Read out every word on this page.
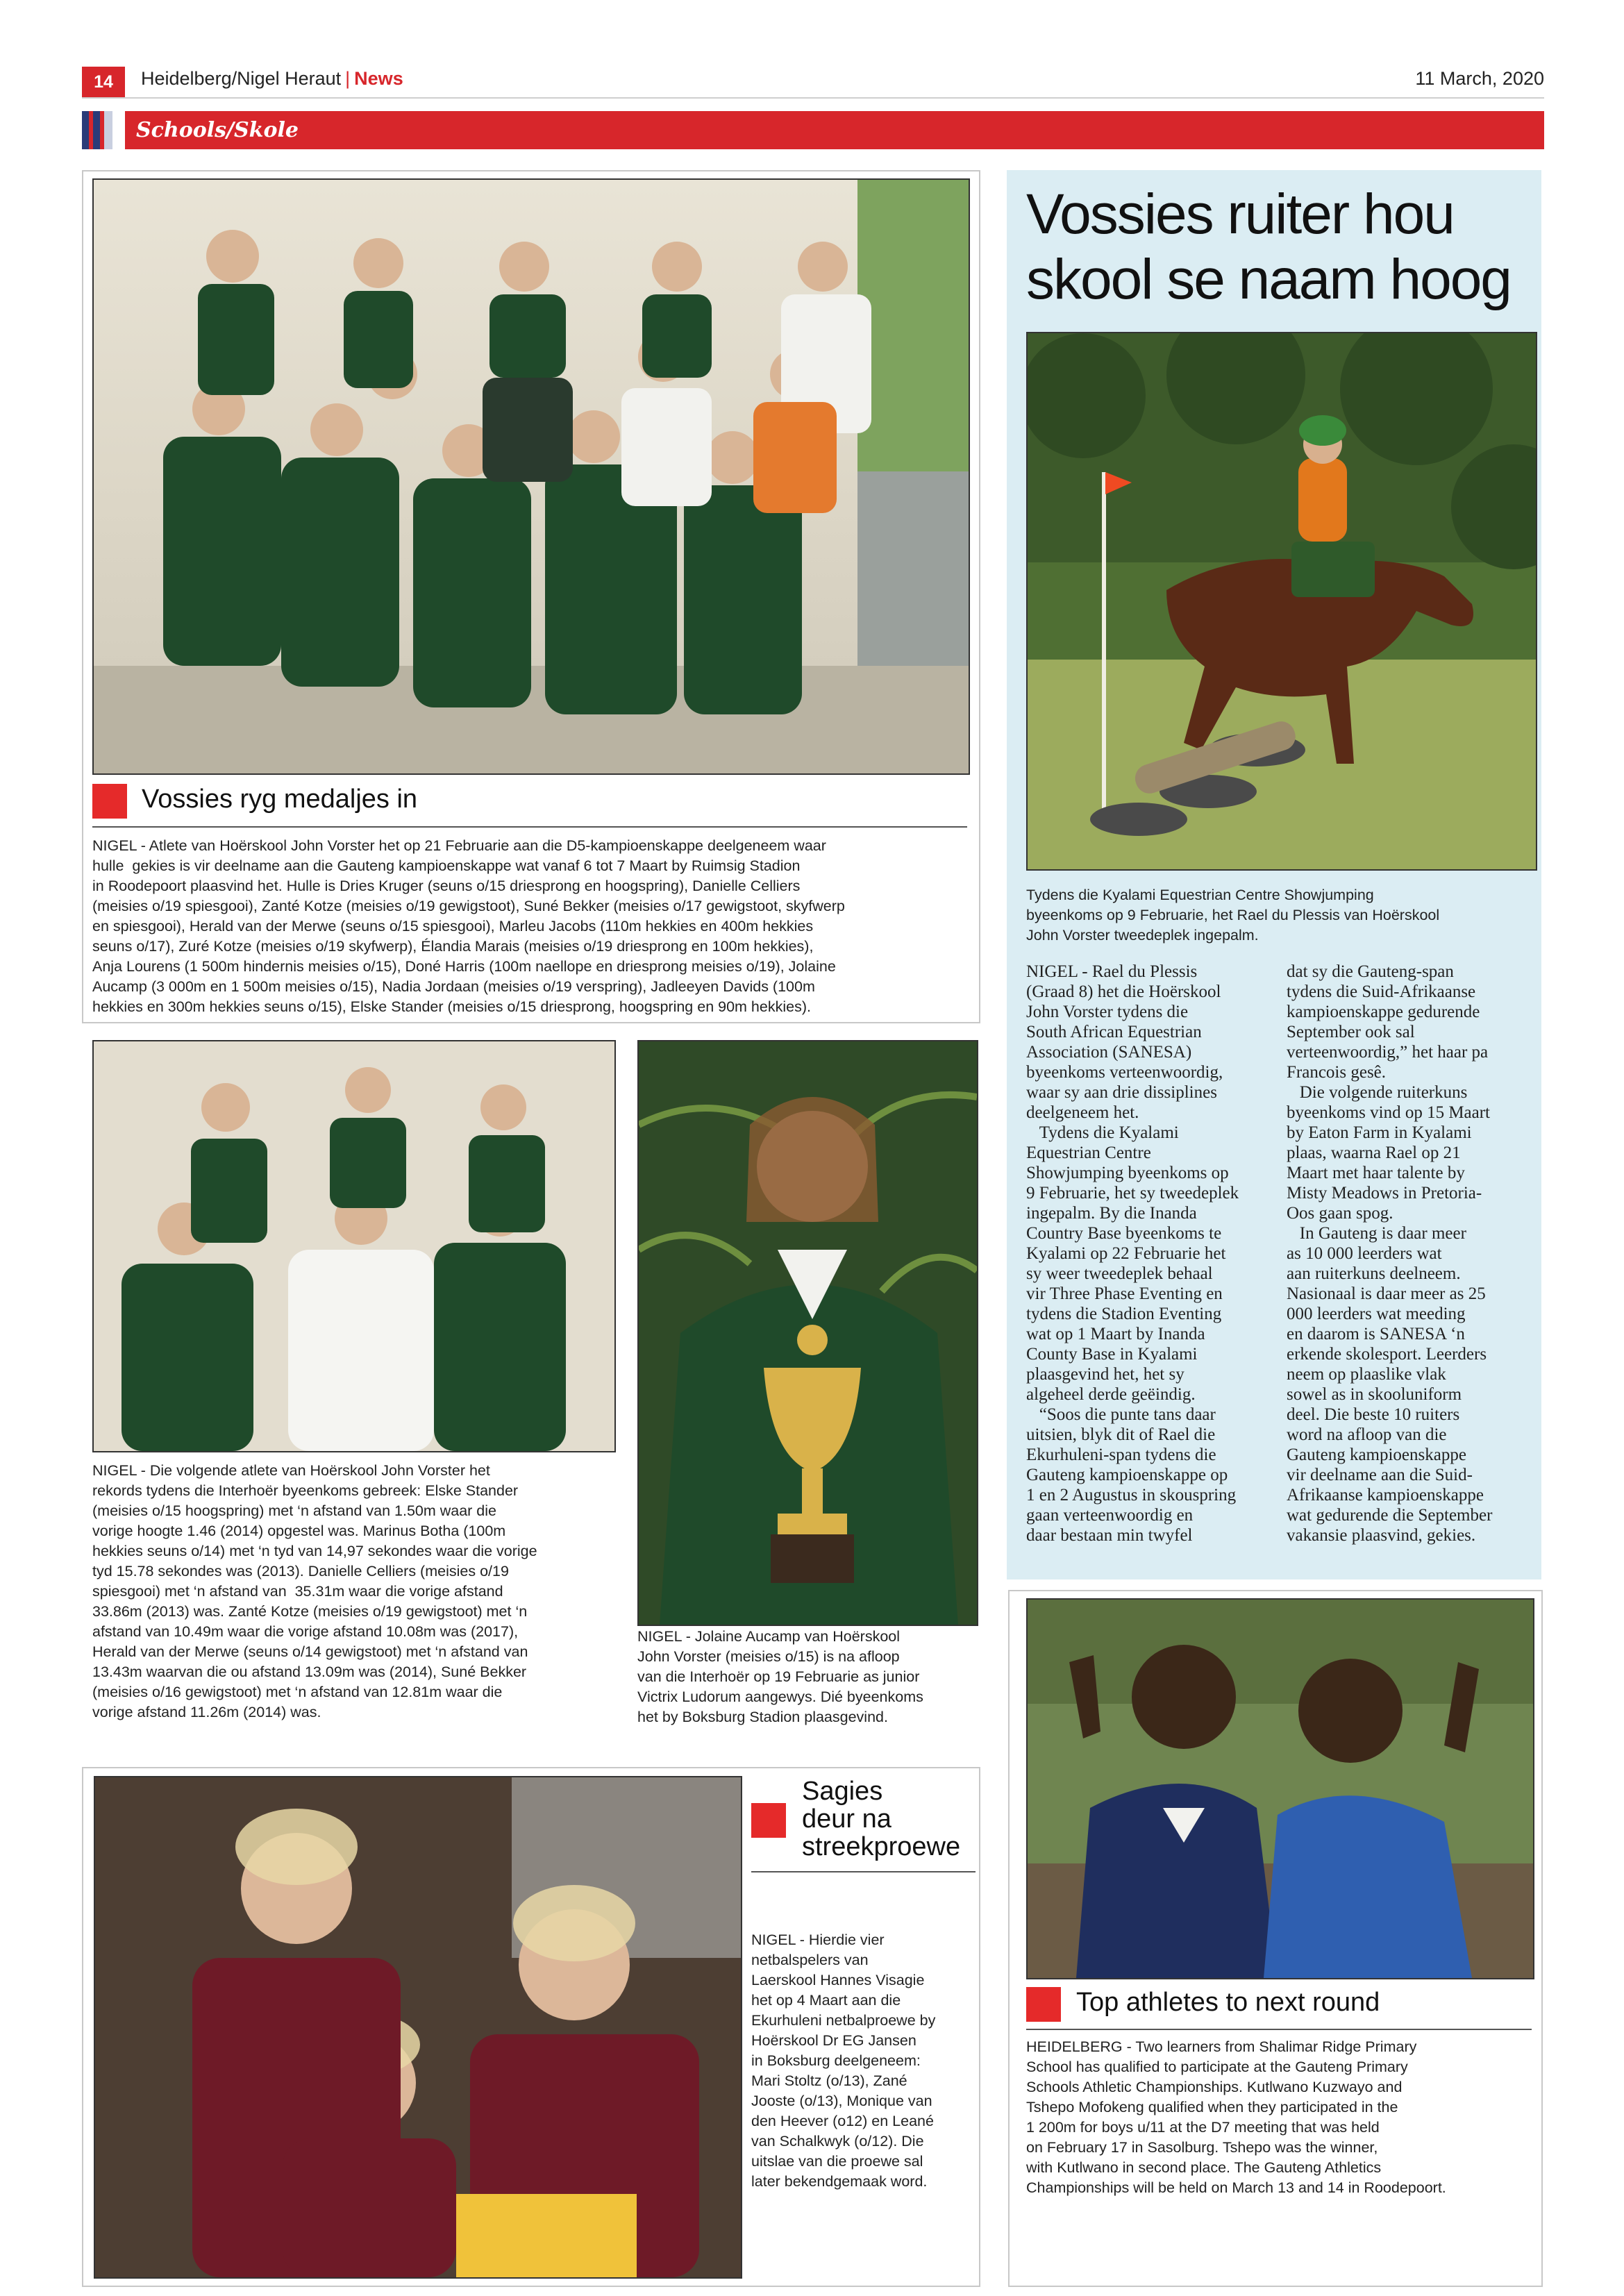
14	Heidelberg/Nigel Heraut | News	11 March, 2020
Schools/Skole
Vossies ryg medaljes in
NIGEL - Atlete van Hoërskool John Vorster het op 21 Februarie aan die D5-kampioenskappe deelgeneem waar
hulle  gekies is vir deelname aan die Gauteng kampioenskappe wat vanaf 6 tot 7 Maart by Ruimsig Stadion
in Roodepoort plaasvind het. Hulle is Dries Kruger (seuns o/15 driesprong en hoogspring), Danielle Celliers
(meisies o/19 spiesgooi), Zanté Kotze (meisies o/19 gewigstoot), Suné Bekker (meisies o/17 gewigstoot, skyfwerp
en spiesgooi), Herald van der Merwe (seuns o/15 spiesgooi), Marleu Jacobs (110m hekkies en 400m hekkies
seuns o/17), Zuré Kotze (meisies o/19 skyfwerp), Élandia Marais (meisies o/19 driesprong en 100m hekkies),
Anja Lourens (1 500m hindernis meisies o/15), Doné Harris (100m naellope en driesprong meisies o/19), Jolaine
Aucamp (3 000m en 1 500m meisies o/15), Nadia Jordaan (meisies o/19 verspring), Jadleeyen Davids (100m
hekkies en 300m hekkies seuns o/15), Elske Stander (meisies o/15 driesprong, hoogspring en 90m hekkies).
NIGEL - Die volgende atlete van Hoërskool John Vorster het
rekords tydens die Interhoër byeenkoms gebreek: Elske Stander
(meisies o/15 hoogspring) met ‘n afstand van 1.50m waar die
vorige hoogte 1.46 (2014) opgestel was. Marinus Botha (100m
hekkies seuns o/14) met ‘n tyd van 14,97 sekondes waar die vorige
tyd 15.78 sekondes was (2013). Danielle Celliers (meisies o/19
spiesgooi) met ‘n afstand van  35.31m waar die vorige afstand
33.86m (2013) was. Zanté Kotze (meisies o/19 gewigstoot) met ‘n
afstand van 10.49m waar die vorige afstand 10.08m was (2017),
Herald van der Merwe (seuns o/14 gewigstoot) met ‘n afstand van
13.43m waarvan die ou afstand 13.09m was (2014), Suné Bekker
(meisies o/16 gewigstoot) met ‘n afstand van 12.81m waar die
vorige afstand 11.26m (2014) was.
NIGEL - Jolaine Aucamp van Hoërskool
John Vorster (meisies o/15) is na afloop
van die Interhoër op 19 Februarie as junior
Victrix Ludorum aangewys. Dié byeenkoms
het by Boksburg Stadion plaasgevind.
Sagies
deur na
streekproewe
NIGEL - Hierdie vier
netbalspelers van
Laerskool Hannes Visagie
het op 4 Maart aan die
Ekurhuleni netbalproewe by
Hoërskool Dr EG Jansen
in Boksburg deelgeneem:
Mari Stoltz (o/13), Zané
Jooste (o/13), Monique van
den Heever (o12) en Leané
van Schalkwyk (o/12). Die
uitslae van die proewe sal
later bekendgemaak word.
Vossies ruiter hou skool se naam hoog
Tydens die Kyalami Equestrian Centre Showjumping
byeenkoms op 9 Februarie, het Rael du Plessis van Hoërskool
John Vorster tweedeplek ingepalm.
NIGEL - Rael du Plessis
(Graad 8) het die Hoërskool
John Vorster tydens die
South African Equestrian
Association (SANESA)
byeenkoms verteenwoordig,
waar sy aan drie dissiplines
deelgeneem het.
Tydens die Kyalami
Equestrian Centre
Showjumping byeenkoms op
9 Februarie, het sy tweedeplek
ingepalm. By die Inanda
Country Base byeenkoms te
Kyalami op 22 Februarie het
sy weer tweedeplek behaal
vir Three Phase Eventing en
tydens die Stadion Eventing
wat op 1 Maart by Inanda
County Base in Kyalami
plaasgevind het, het sy
algeheel derde geëindig.
“Soos die punte tans daar
uitsien, blyk dit of Rael die
Ekurhuleni-span tydens die
Gauteng kampioenskappe op
1 en 2 Augustus in skouspring
gaan verteenwoordig en
daar bestaan min twyfel
dat sy die Gauteng-span
tydens die Suid-Afrikaanse
kampioenskappe gedurende
September ook sal
verteenwoordig,” het haar pa
Francois gesê.
Die volgende ruiterkuns
byeenkoms vind op 15 Maart
by Eaton Farm in Kyalami
plaas, waarna Rael op 21
Maart met haar talente by
Misty Meadows in Pretoria-
Oos gaan spog.
In Gauteng is daar meer
as 10 000 leerders wat
aan ruiterkuns deelneem.
Nasionaal is daar meer as 25
000 leerders wat meeding
en daarom is SANESA ‘n
erkende skolesport. Leerders
neem op plaaslike vlak
sowel as in skooluniform
deel. Die beste 10 ruiters
word na afloop van die
Gauteng kampioenskappe
vir deelname aan die Suid-
Afrikaanse kampioenskappe
wat gedurende die September
vakansie plaasvind, gekies.
Top athletes to next round
HEIDELBERG - Two learners from Shalimar Ridge Primary
School has qualified to participate at the Gauteng Primary
Schools Athletic Championships. Kutlwano Kuzwayo and
Tshepo Mofokeng qualified when they participated in the
1 200m for boys u/11 at the D7 meeting that was held
on February 17 in Sasolburg. Tshepo was the winner,
with Kutlwano in second place. The Gauteng Athletics
Championships will be held on March 13 and 14 in Roodepoort.
